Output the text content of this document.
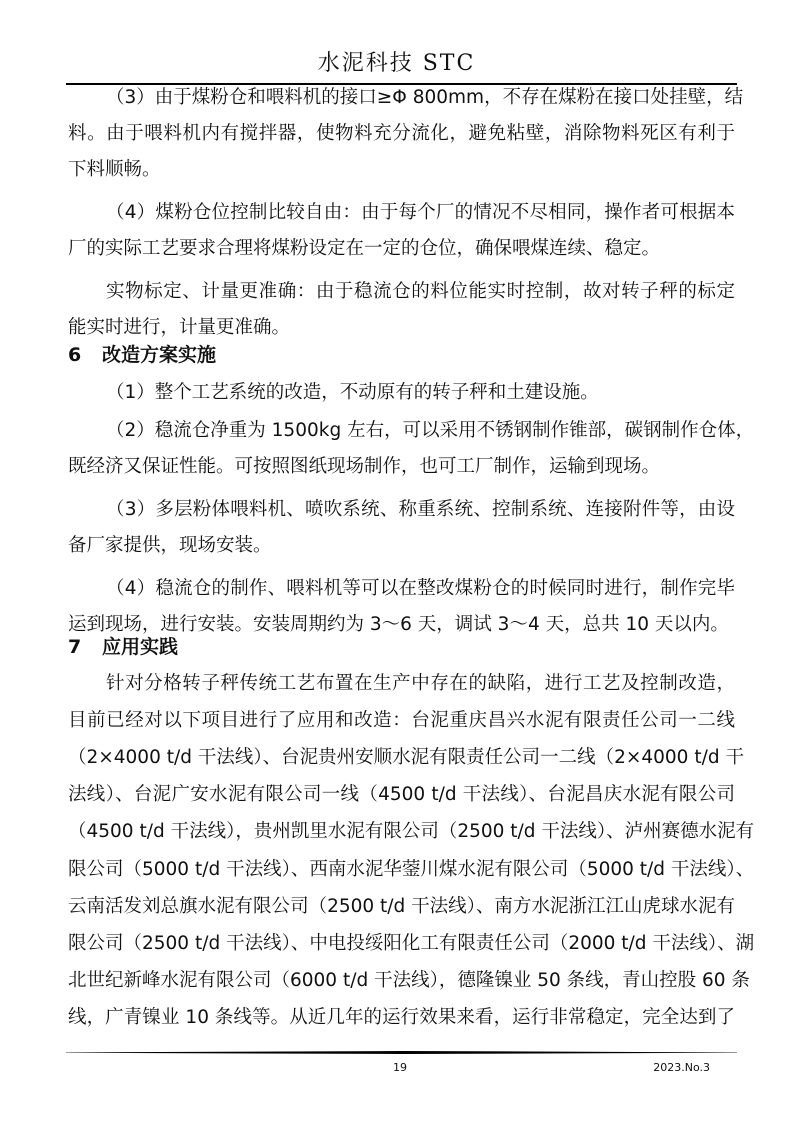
水泥科技 STC
（3）由于煤粉仓和喂料机的接口≥Φ 800mm，不存在煤粉在接口处挂壁，结
料。由于喂料机内有搅拌器，使物料充分流化，避免粘壁，消除物料死区有利于
下料顺畅。
（4）煤粉仓位控制比较自由：由于每个厂的情况不尽相同，操作者可根据本
厂的实际工艺要求合理将煤粉设定在一定的仓位，确保喂煤连续、稳定。
实物标定、计量更准确：由于稳流仓的料位能实时控制，故对转子秤的标定
能实时进行，计量更准确。
6 改造方案实施
（1）整个工艺系统的改造，不动原有的转子秤和土建设施。
（2）稳流仓净重为 1500kg 左右，可以采用不锈钢制作锥部，碳钢制作仓体，
既经济又保证性能。可按照图纸现场制作，也可工厂制作，运输到现场。
（3）多层粉体喂料机、喷吹系统、称重系统、控制系统、连接附件等，由设
备厂家提供，现场安装。
（4）稳流仓的制作、喂料机等可以在整改煤粉仓的时候同时进行，制作完毕
运到现场，进行安装。安装周期约为 3～6 天，调试 3～4 天，总共 10 天以内。
7 应用实践
针对分格转子秤传统工艺布置在生产中存在的缺陷，进行工艺及控制改造，
目前已经对以下项目进行了应用和改造：台泥重庆昌兴水泥有限责任公司一二线
（2×4000 t/d 干法线）、台泥贵州安顺水泥有限责任公司一二线（2×4000 t/d 干
法线）、台泥广安水泥有限公司一线（4500 t/d 干法线）、台泥昌庆水泥有限公司
（4500 t/d 干法线），贵州凯里水泥有限公司（2500 t/d 干法线）、泸州赛德水泥有
限公司（5000 t/d 干法线）、西南水泥华蓥川煤水泥有限公司（5000 t/d 干法线）、
云南活发刘总旗水泥有限公司（2500 t/d 干法线）、南方水泥浙江江山虎球水泥有
限公司（2500 t/d 干法线）、中电投绥阳化工有限责任公司（2000 t/d 干法线）、湖
北世纪新峰水泥有限公司（6000 t/d 干法线），德隆镍业 50 条线，青山控股 60 条
线，广青镍业 10 条线等。从近几年的运行效果来看，运行非常稳定，完全达到了
19	2023.No.3
